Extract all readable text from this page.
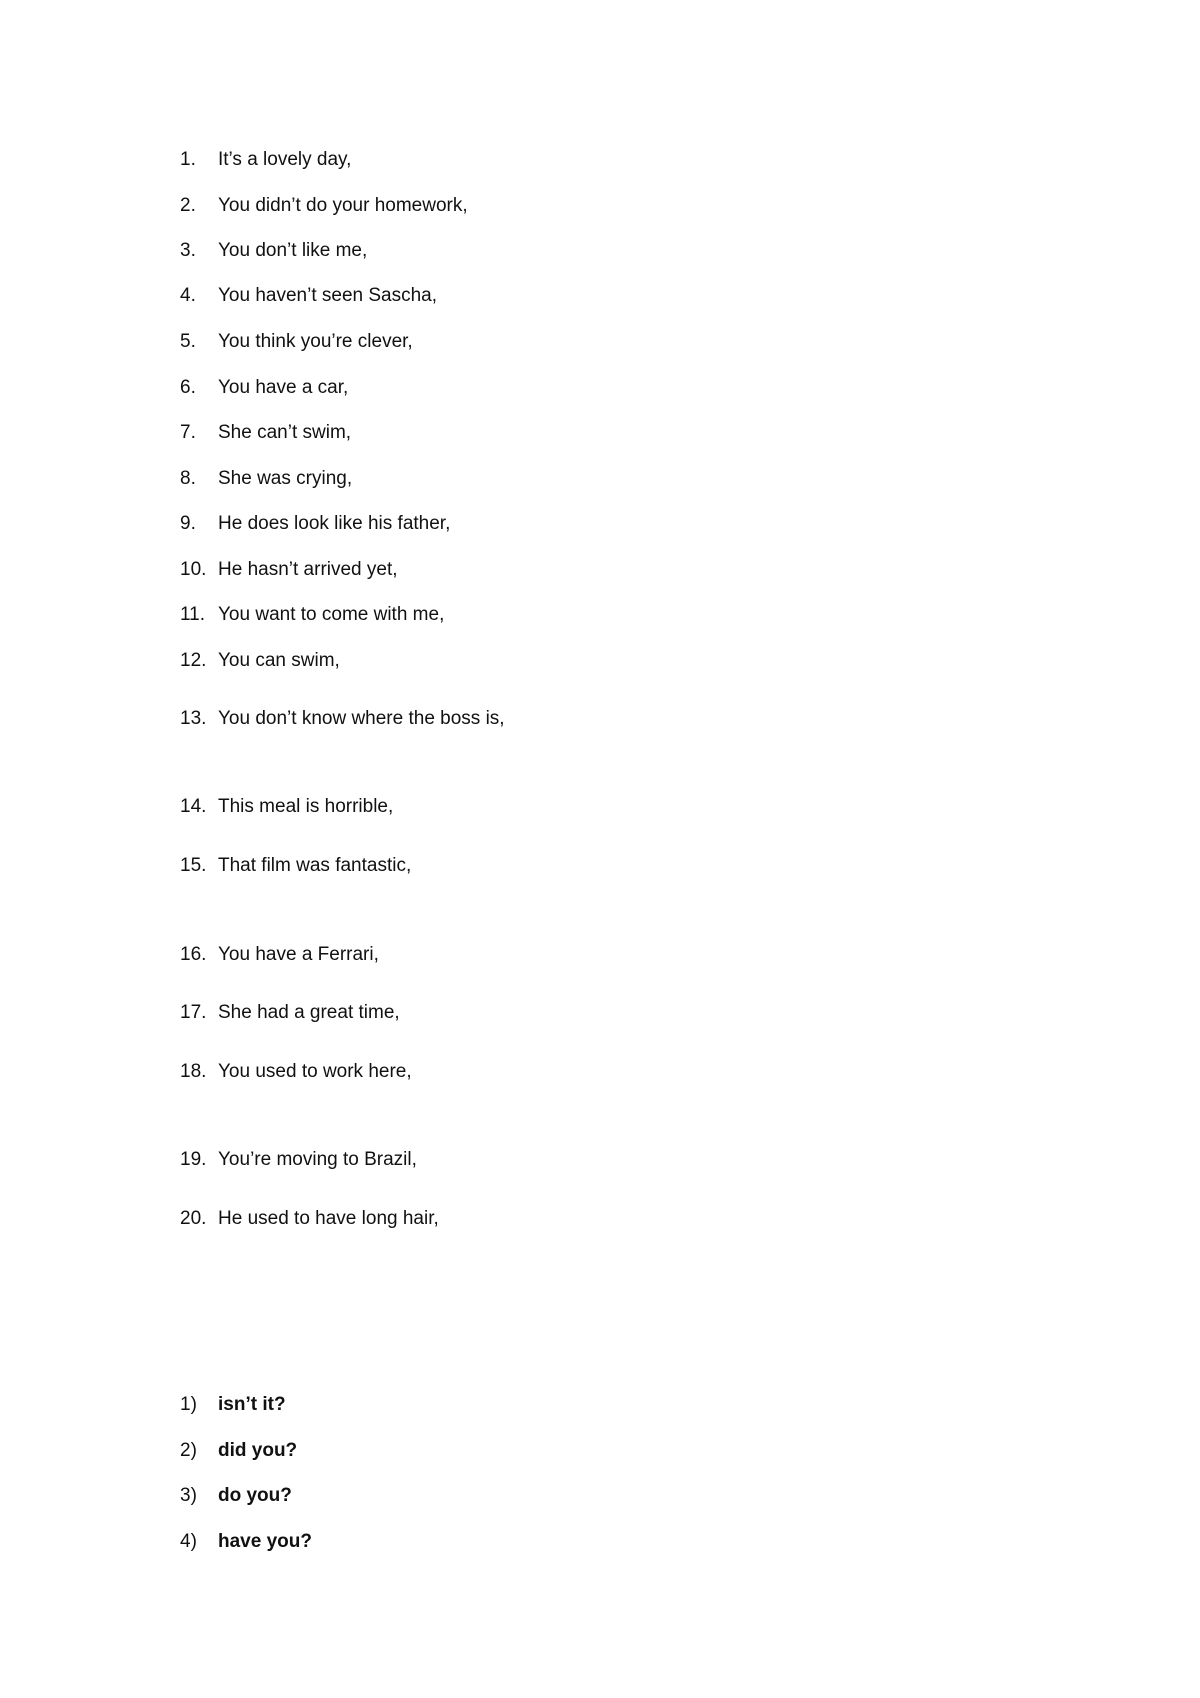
1. It’s a lovely day,
2. You didn’t do your homework,
3. You don’t like me,
4. You haven’t seen Sascha,
5. You think you’re clever,
6. You have a car,
7. She can’t swim,
8. She was crying,
9. He does look like his father,
10. He hasn’t arrived yet,
11. You want to come with me,
12. You can swim,
13. You don’t know where the boss is,
14. This meal is horrible,
15. That film was fantastic,
16. You have a Ferrari,
17. She had a great time,
18. You used to work here,
19. You’re moving to Brazil,
20. He used to have long hair,
1) isn’t it?
2) did you?
3) do you?
4) have you?
